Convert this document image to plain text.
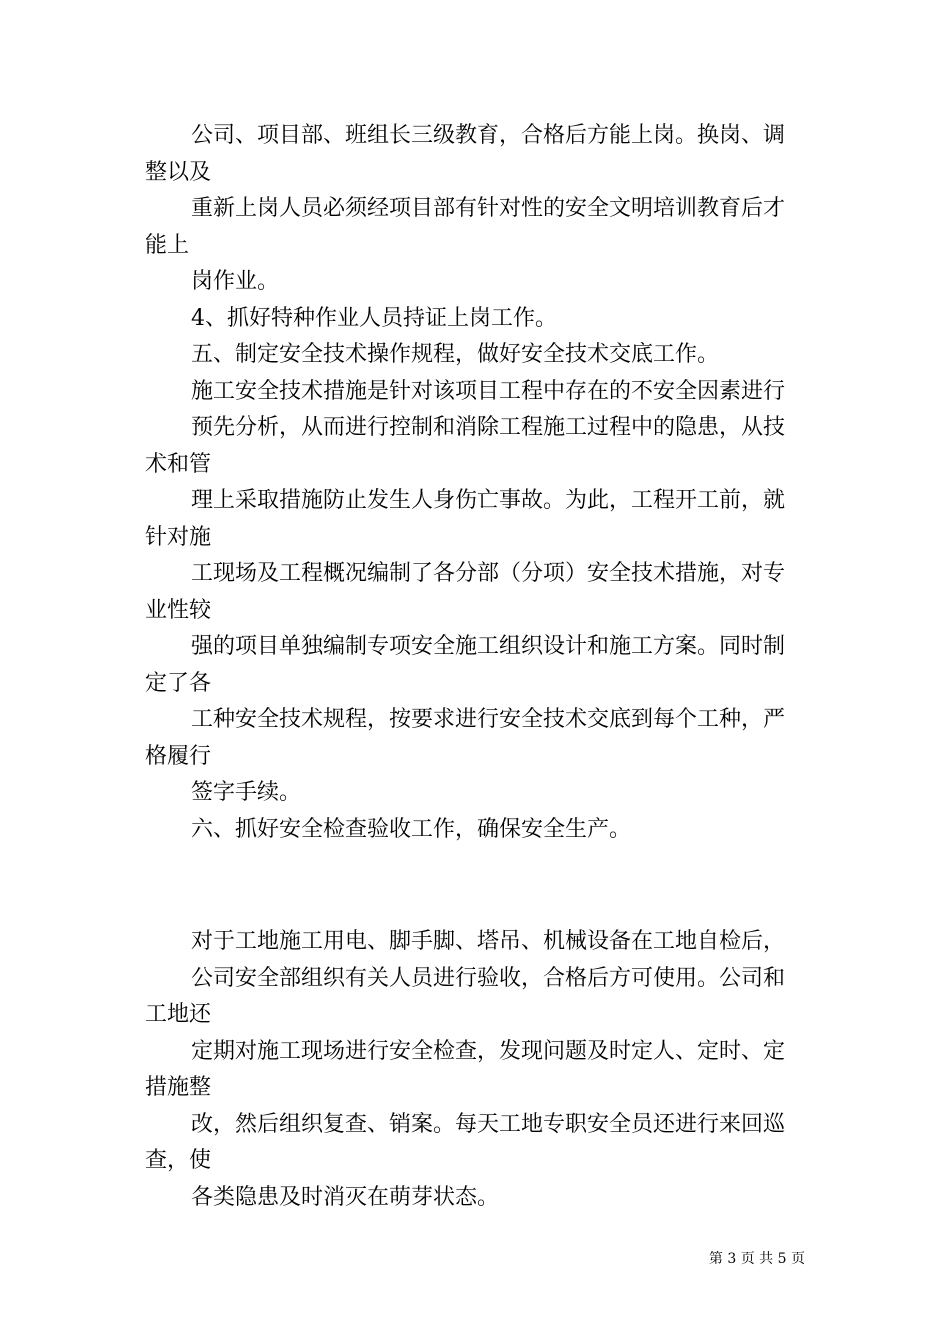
公司、项目部、班组长三级教育，合格后方能上岗。换岗、调

整以及

重新上岗人员必须经项目部有针对性的安全文明培训教育后才

能上

岗作业。

4、抓好特种作业人员持证上岗工作。

五、制定安全技术操作规程，做好安全技术交底工作。

施工安全技术措施是针对该项目工程中存在的不安全因素进行

预先分析，从而进行控制和消除工程施工过程中的隐患，从技

术和管

理上采取措施防止发生人身伤亡事故。为此，工程开工前，就

针对施

工现场及工程概况编制了各分部（分项）安全技术措施，对专

业性较

强的项目单独编制专项安全施工组织设计和施工方案。同时制

定了各

工种安全技术规程，按要求进行安全技术交底到每个工种，严

格履行

签字手续。

六、抓好安全检查验收工作，确保安全生产。

对于工地施工用电、脚手脚、塔吊、机械设备在工地自检后，

公司安全部组织有关人员进行验收，合格后方可使用。公司和

工地还

定期对施工现场进行安全检查，发现问题及时定人、定时、定

措施整

改，然后组织复查、销案。每天工地专职安全员还进行来回巡

查，使

各类隐患及时消灭在萌芽状态。

第 3 页 共 5 页
